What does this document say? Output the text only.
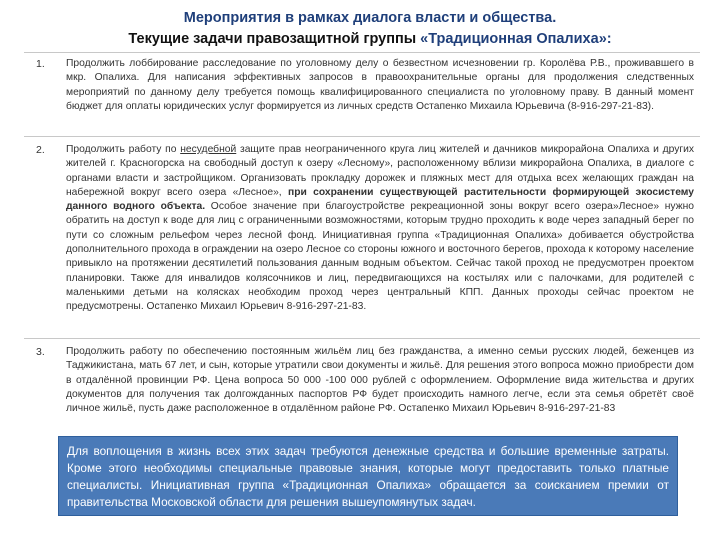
Мероприятия в рамках диалога власти и общества.
Текущие задачи правозащитной группы «Традиционная Опалиха»:
1. Продолжить лоббирование расследование по уголовному делу о безвестном исчезновении гр. Королёва Р.В., проживавшего в мкр. Опалиха. Для написания эффективных запросов в правоохранительные органы для продолжения следственных мероприятий по данному делу требуется помощь квалифицированного специалиста по уголовному праву. В данный момент бюджет для оплаты юридических услуг формируется из личных средств Остапенко Михаила Юрьевича (8-916-297-21-83).
2. Продолжить работу по несудебной защите прав неограниченного круга лиц жителей и дачников микрорайона Опалиха и других жителей г. Красногорска на свободный доступ к озеру «Лесному», расположенному вблизи микрорайона Опалиха, в диалоге с органами власти и застройщиком. Организовать прокладку дорожек и пляжных мест для отдыха всех желающих граждан на набережной вокруг всего озера «Лесное», при сохранении существующей растительности формирующей экосистему данного водного объекта. Особое значение при благоустройстве рекреационной зоны вокруг всего озера»Лесное» нужно обратить на доступ к воде для лиц с ограниченными возможностями, которым трудно проходить к воде через западный берег по пути со сложным рельефом через лесной фонд. Инициативная группа «Традиционная Опалиха» добивается обустройства дополнительного прохода в ограждении на озеро Лесное со стороны южного и восточного берегов, прохода к которому население привыкло на протяжении десятилетий пользования данным водным объектом. Сейчас такой проход не предусмотрен проектом планировки. Также для инвалидов колясочников и лиц, передвигающихся на костылях или с палочками, для родителей с маленькими детьми на колясках необходим проход через центральный КПП. Данных проходы сейчас проектом не предусмотрены. Остапенко Михаил Юрьевич 8-916-297-21-83.
3. Продолжить работу по обеспечению постоянным жильём лиц без гражданства, а именно семьи русских людей, беженцев из Таджикистана, мать 67 лет, и сын, которые утратили свои документы и жильё. Для решения этого вопроса можно приобрести дом в отдалённой провинции РФ. Цена вопроса 50 000 -100 000 рублей с оформлением. Оформление вида жительства и других документов для получения так долгожданных паспортов РФ будет происходить намного легче, если эта семья обретёт своё личное жильё, пусть даже расположенное в отдалённом районе РФ. Остапенко Михаил Юрьевич 8-916-297-21-83
Для воплощения в жизнь всех этих задач требуются денежные средства и большие временные затраты. Кроме этого необходимы специальные правовые знания, которые могут предоставить только платные специалисты. Инициативная группа «Традиционная Опалиха» обращается за соисканием премии от правительства Московской области для решения вышеупомянутых задач.
